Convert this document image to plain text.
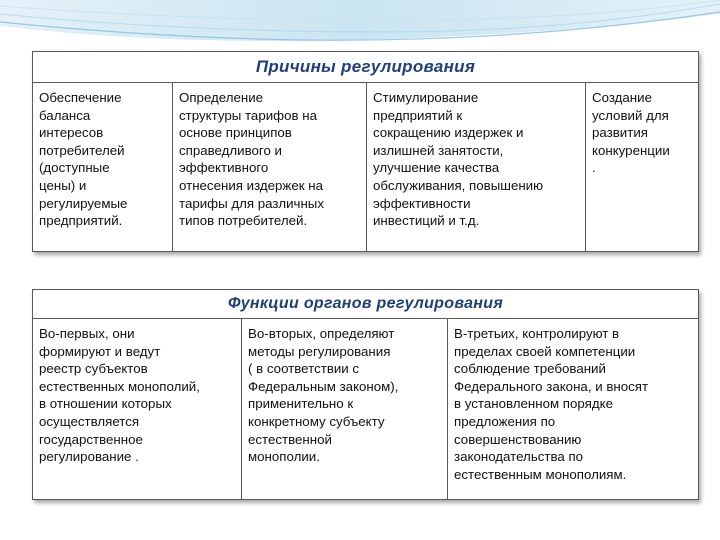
Причины регулирования
Обеспечение
баланса
интересов
потребителей
(доступные
цены) и
регулируемые
предприятий.
Определение
структуры тарифов на
основе принципов
справедливого и
эффективного
отнесения издержек на
тарифы для различных
типов потребителей.
Стимулирование
предприятий к
сокращению издержек и
излишней занятости,
улучшение качества
обслуживания, повышению
эффективности
инвестиций и т.д.
Создание
условий для
развития
конкуренции
.
Функции органов регулирования
Во-первых, они
формируют и ведут
реестр субъектов
естественных монополий,
в отношении которых
осуществляется
государственное
регулирование .
Во-вторых, определяют
методы регулирования
( в соответствии с
Федеральным законом),
применительно к
конкретному субъекту
естественной
монополии.
В-третьих, контролируют в
пределах своей компетенции
соблюдение требований
Федерального закона, и вносят
в установленном порядке
предложения по
совершенствованию
законодательства по
естественным монополиям.
